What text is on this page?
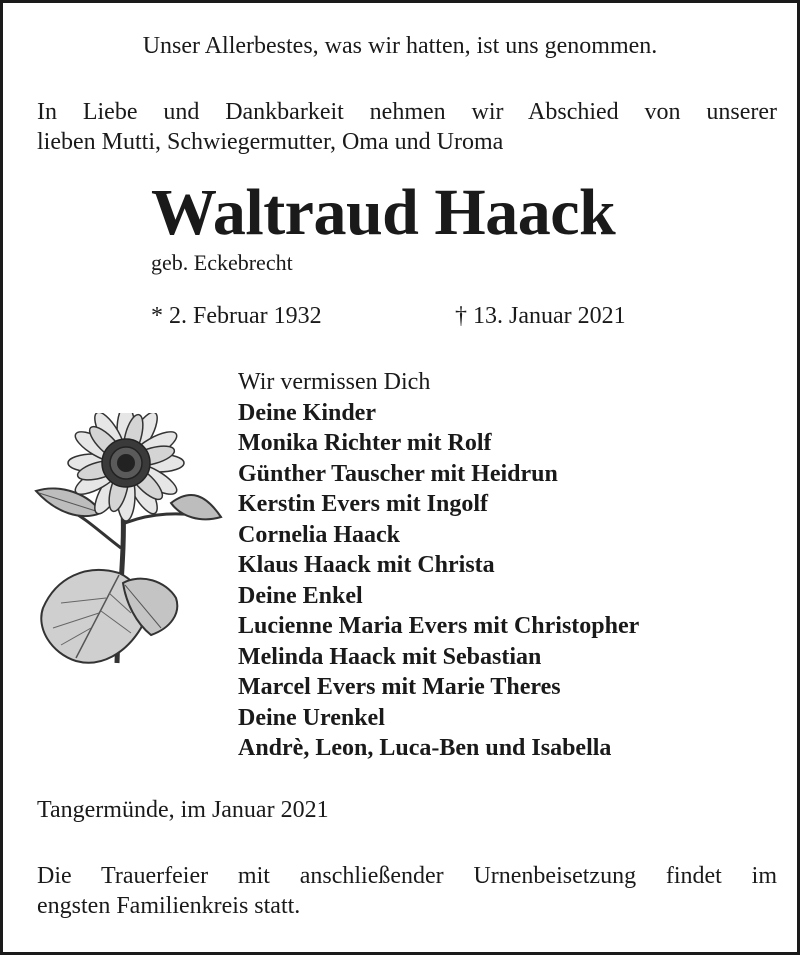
Unser Allerbestes, was wir hatten, ist uns genommen.
In Liebe und Dankbarkeit nehmen wir Abschied von unserer
lieben Mutti, Schwiegermutter, Oma und Uroma
Waltraud Haack
geb. Eckebrecht
* 2. Februar 1932	† 13. Januar 2021
Wir vermissen Dich
Deine Kinder
Monika Richter mit Rolf
Günther Tauscher mit Heidrun
Kerstin Evers mit Ingolf
Cornelia Haack
Klaus Haack mit Christa
Deine Enkel
Lucienne Maria Evers mit Christopher
Melinda Haack mit Sebastian
Marcel Evers mit Marie Theres
Deine Urenkel
Andrè, Leon, Luca-Ben und Isabella
Tangermünde, im Januar 2021
Die Trauerfeier mit anschließender Urnenbeisetzung findet im
engsten Familienkreis statt.
